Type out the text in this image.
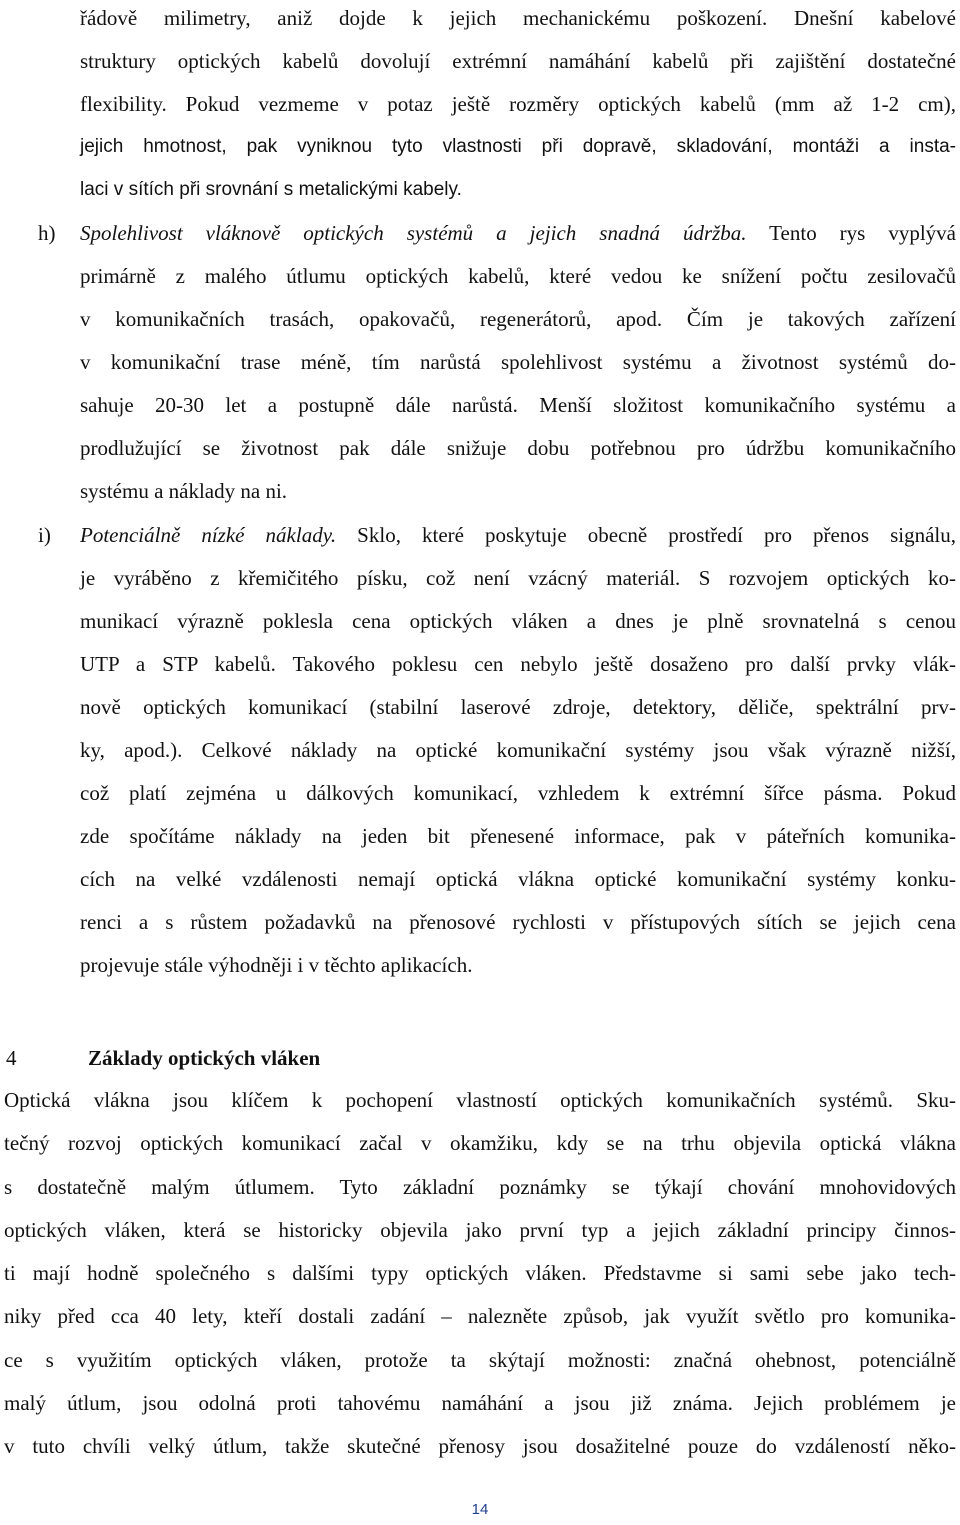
řádově milimetry, aniž dojde k jejich mechanickému poškození. Dnešní kabelové
struktury optických kabelů dovolují extrémní namáhání kabelů při zajištění dostatečné
flexibility. Pokud vezmeme v potaz ještě rozměry optických kabelů (mm až 1-2 cm),
jejich hmotnost, pak vyniknou tyto vlastnosti při dopravě, skladování, montáži a insta-
laci v sítích při srovnání s metalickými kabely.
h) Spolehlivost vláknově optických systémů a jejich snadná údržba. Tento rys vyplývá
primárně z malého útlumu optických kabelů, které vedou ke snížení počtu zesilovačů
v komunikačních trasách, opakovačů, regenerátorů, apod. Čím je takových zařízení
v komunikační trase méně, tím narůstá spolehlivost systému a životnost systémů do-
sahuje 20-30 let a postupně dále narůstá. Menší složitost komunikačního systému a
prodlužující se životnost pak dále snižuje dobu potřebnou pro údržbu komunikačního
systému a náklady na ni.
i) Potenciálně nízké náklady. Sklo, které poskytuje obecně prostředí pro přenos signálu,
je vyráběno z křemičitého písku, což není vzácný materiál. S rozvojem optických ko-
munikací výrazně poklesla cena optických vláken a dnes je plně srovnatelná s cenou
UTP a STP kabelů. Takového poklesu cen nebylo ještě dosaženo pro další prvky vlák-
nově optických komunikací (stabilní laserové zdroje, detektory, děliče, spektrální prv-
ky, apod.). Celkové náklady na optické komunikační systémy jsou však výrazně nižší,
což platí zejména u dálkových komunikací, vzhledem k extrémní šířce pásma. Pokud
zde spočítáme náklady na jeden bit přenesené informace, pak v páteřních komunika-
cích na velké vzdálenosti nemají optická vlákna optické komunikační systémy konku-
renci a s růstem požadavků na přenosové rychlosti v přístupových sítích se jejich cena
projevuje stále výhodněji i v těchto aplikacích.
4	Základy optických vláken
Optická vlákna jsou klíčem k pochopení vlastností optických komunikačních systémů. Sku-
tečný rozvoj optických komunikací začal v okamžiku, kdy se na trhu objevila optická vlákna
s dostatečně malým útlumem. Tyto základní poznámky se týkají chování mnohovidových
optických vláken, která se historicky objevila jako první typ a jejich základní principy činnos-
ti mají hodně společného s dalšími typy optických vláken. Představme si sami sebe jako tech-
niky před cca 40 lety, kteří dostali zadání – nalezněte způsob, jak využít světlo pro komunika-
ce s využitím optických vláken, protože ta skýtají možnosti: značná ohebnost, potenciálně
malý útlum, jsou odolná proti tahovému namáhání a jsou již známa. Jejich problémem je
v tuto chvíli velký útlum, takže skutečné přenosy jsou dosažitelné pouze do vzdáleností něko-
14
